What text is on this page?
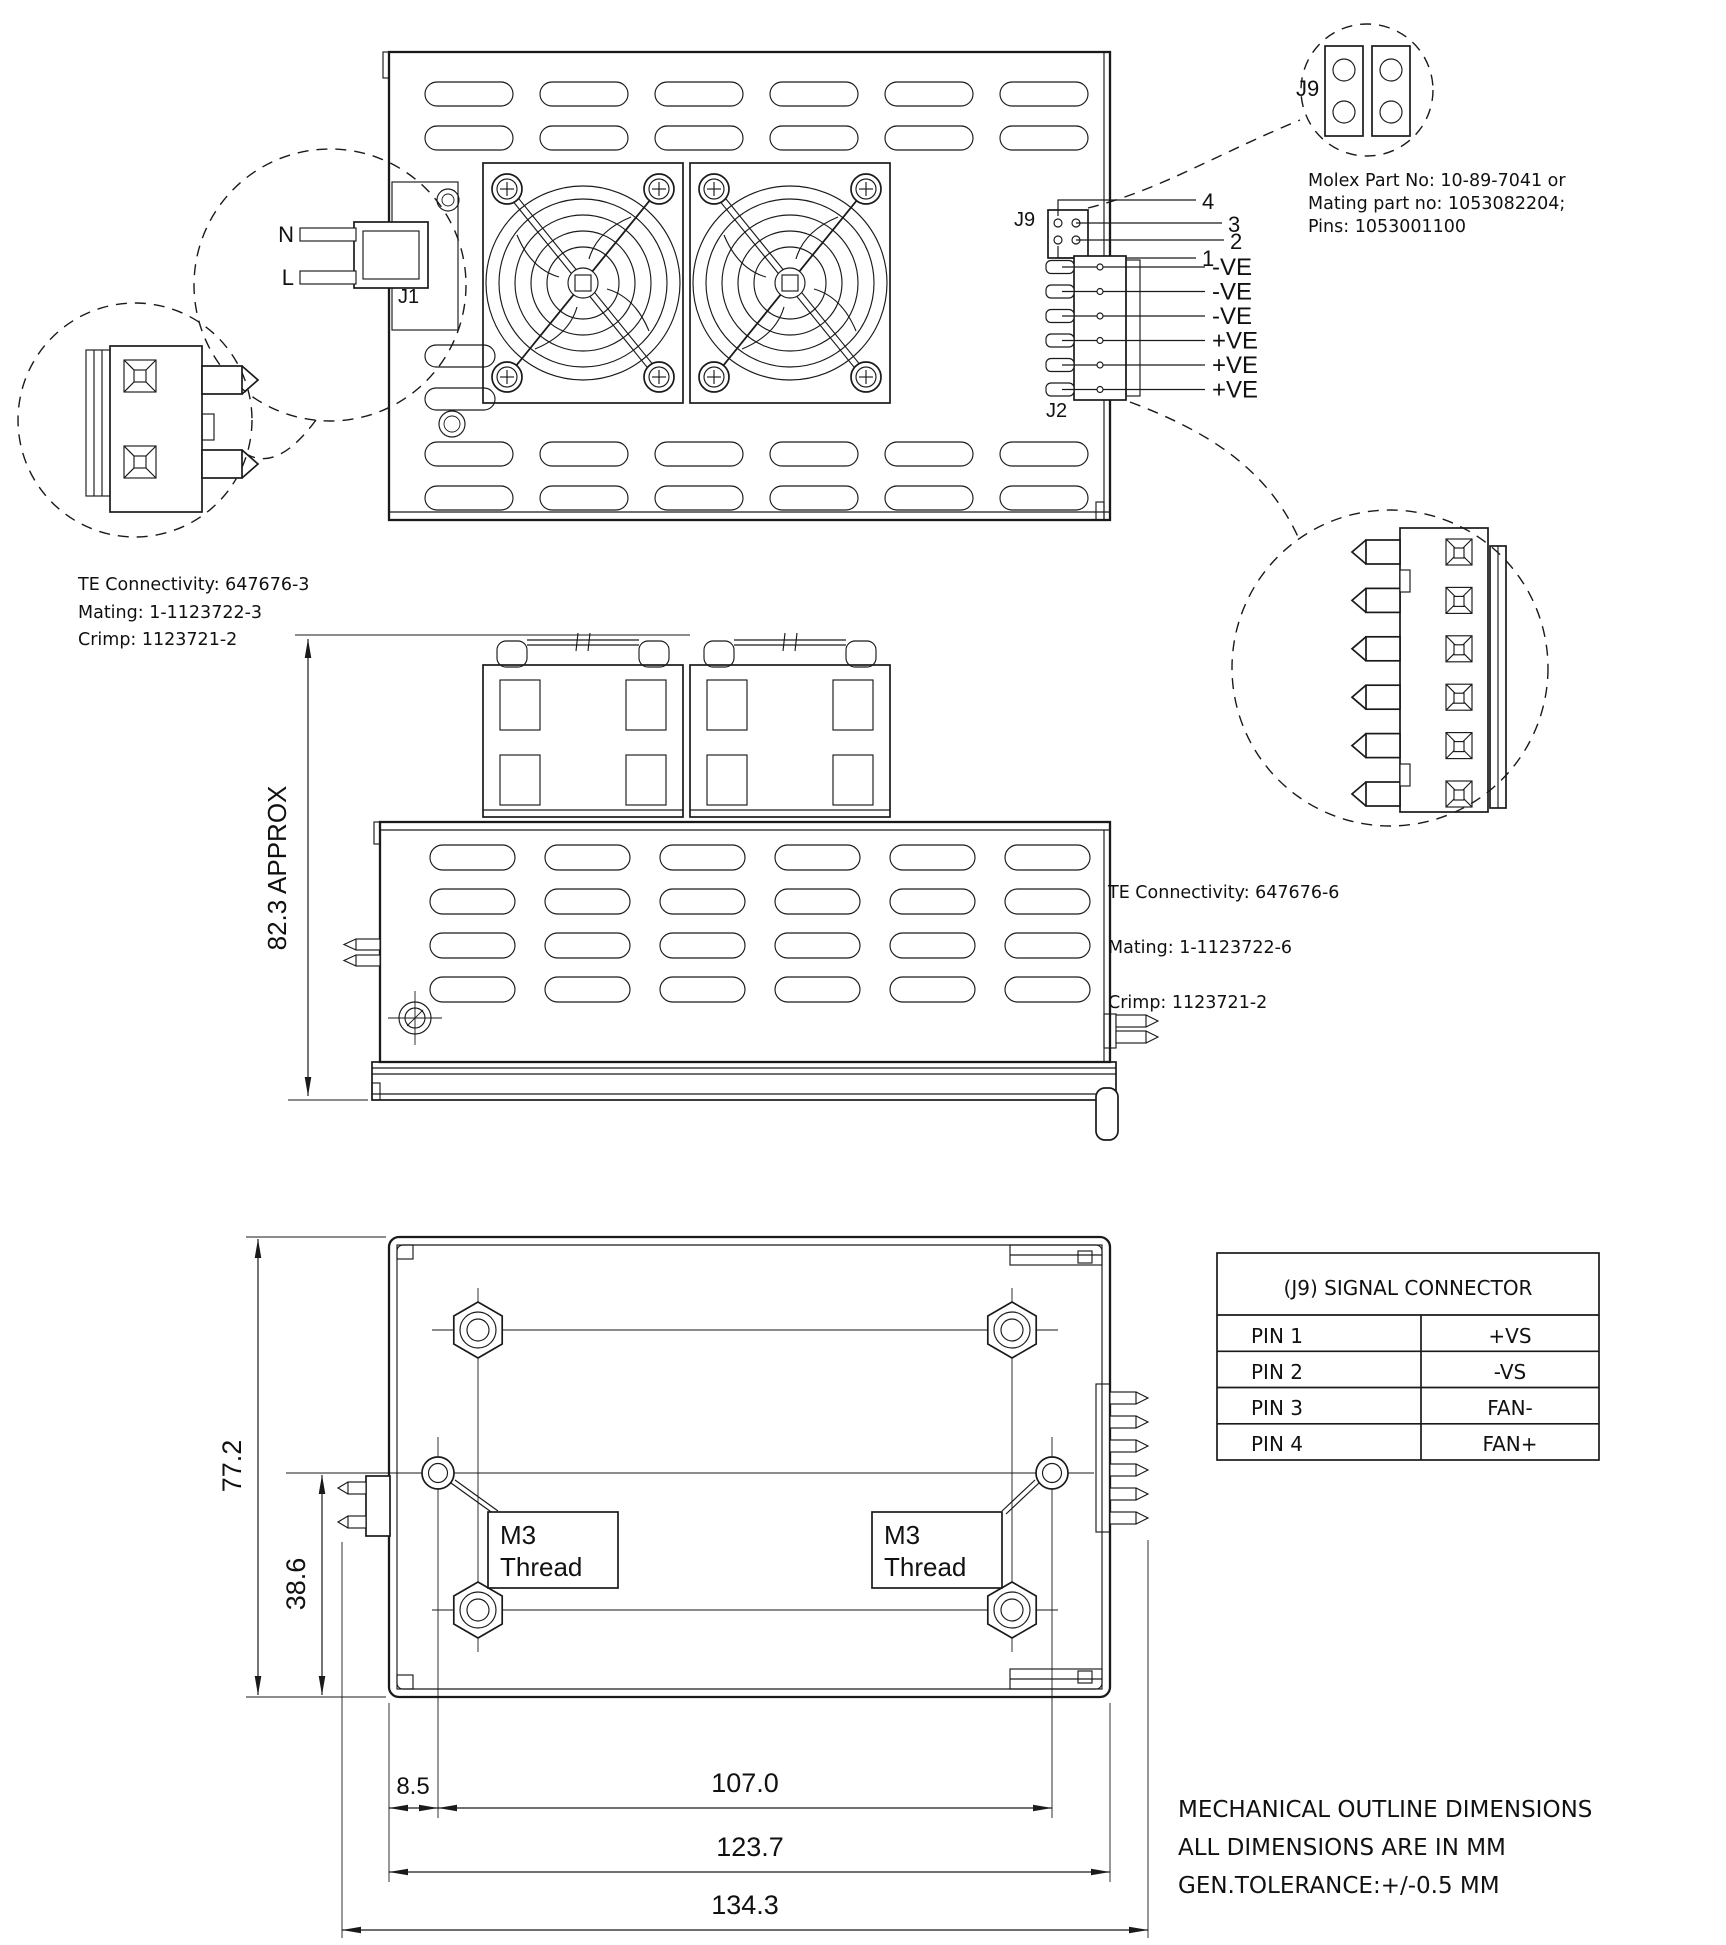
N
L
J1
J9
4
3
2
1
-VE
-VE
-VE
+VE
+VE
+VE
J2
TE Connectivity: 647676-3
Mating: 1-1123722-3
Crimp: 1123721-2
J9
Molex Part No: 10-89-7041 or
Mating part no: 1053082204;
Pins: 1053001100
82.3 APPROX	TE Connectivity: 647676-6
Mating: 1-1123722-6
Crimp: 1123721-2
M3
Thread
M3
Thread
77.2
38.6
8.5	107.0
123.7
134.3
(J9) SIGNAL CONNECTOR
PIN 1	+VS
PIN 2	-VS
PIN 3	FAN-
PIN 4	FAN+
MECHANICAL OUTLINE DIMENSIONS
ALL DIMENSIONS ARE IN MM
GEN.TOLERANCE:+/-0.5 MM
